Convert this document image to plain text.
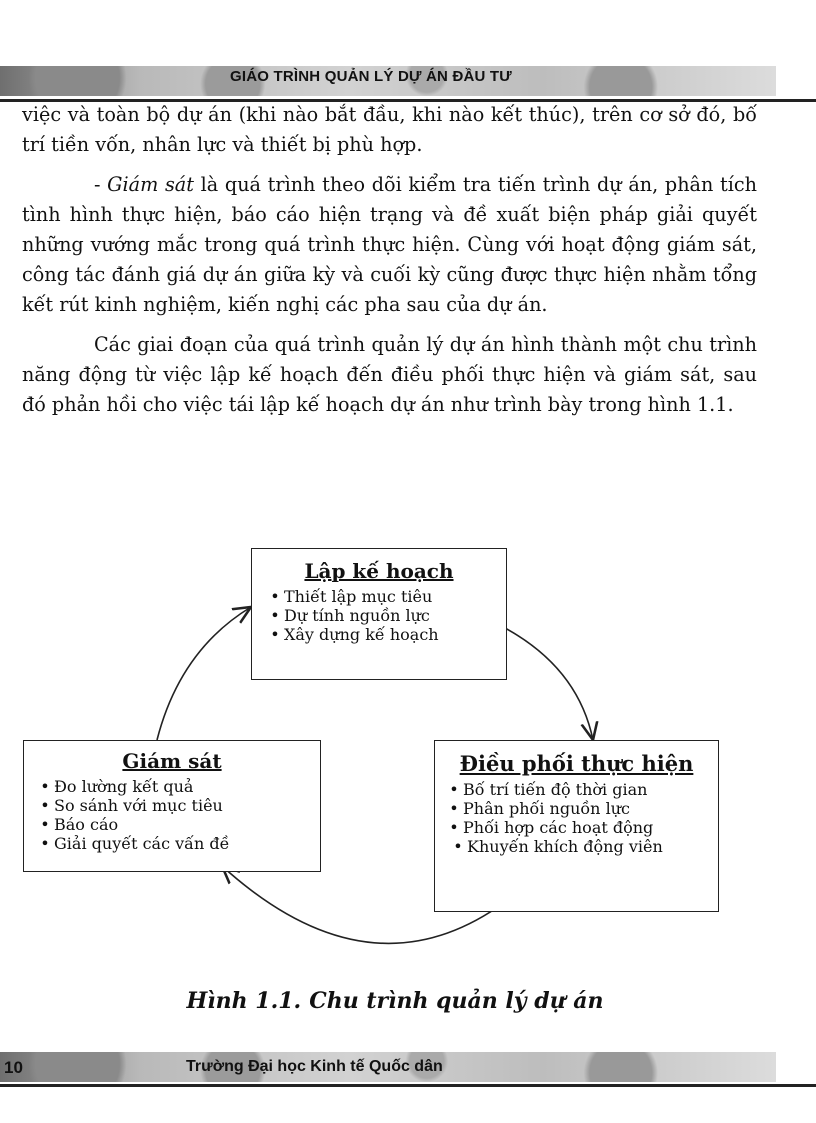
GIÁO TRÌNH QUẢN LÝ DỰ ÁN ĐẦU TƯ

việc và toàn bộ dự án (khi nào bắt đầu, khi nào kết thúc), trên cơ sở đó, bố trí tiền vốn, nhân lực và thiết bị phù hợp.

- Giám sát là quá trình theo dõi kiểm tra tiến trình dự án, phân tích tình hình thực hiện, báo cáo hiện trạng và đề xuất biện pháp giải quyết những vướng mắc trong quá trình thực hiện. Cùng với hoạt động giám sát, công tác đánh giá dự án giữa kỳ và cuối kỳ cũng được thực hiện nhằm tổng kết rút kinh nghiệm, kiến nghị các pha sau của dự án.

Các giai đoạn của quá trình quản lý dự án hình thành một chu trình năng động từ việc lập kế hoạch đến điều phối thực hiện và giám sát, sau đó phản hồi cho việc tái lập kế hoạch dự án như trình bày trong hình 1.1.

Lập kế hoạch
• Thiết lập mục tiêu
• Dự tính nguồn lực
• Xây dựng kế hoạch
Giám sát
• Đo lường kết quả
• So sánh với mục tiêu
• Báo cáo
• Giải quyết các vấn đề
Điều phối thực hiện
• Bố trí tiến độ thời gian
• Phân phối nguồn lực
• Phối hợp các hoạt động
• Khuyến khích động viên
Hình 1.1. Chu trình quản lý dự án
10	Trường Đại học Kinh tế Quốc dân
